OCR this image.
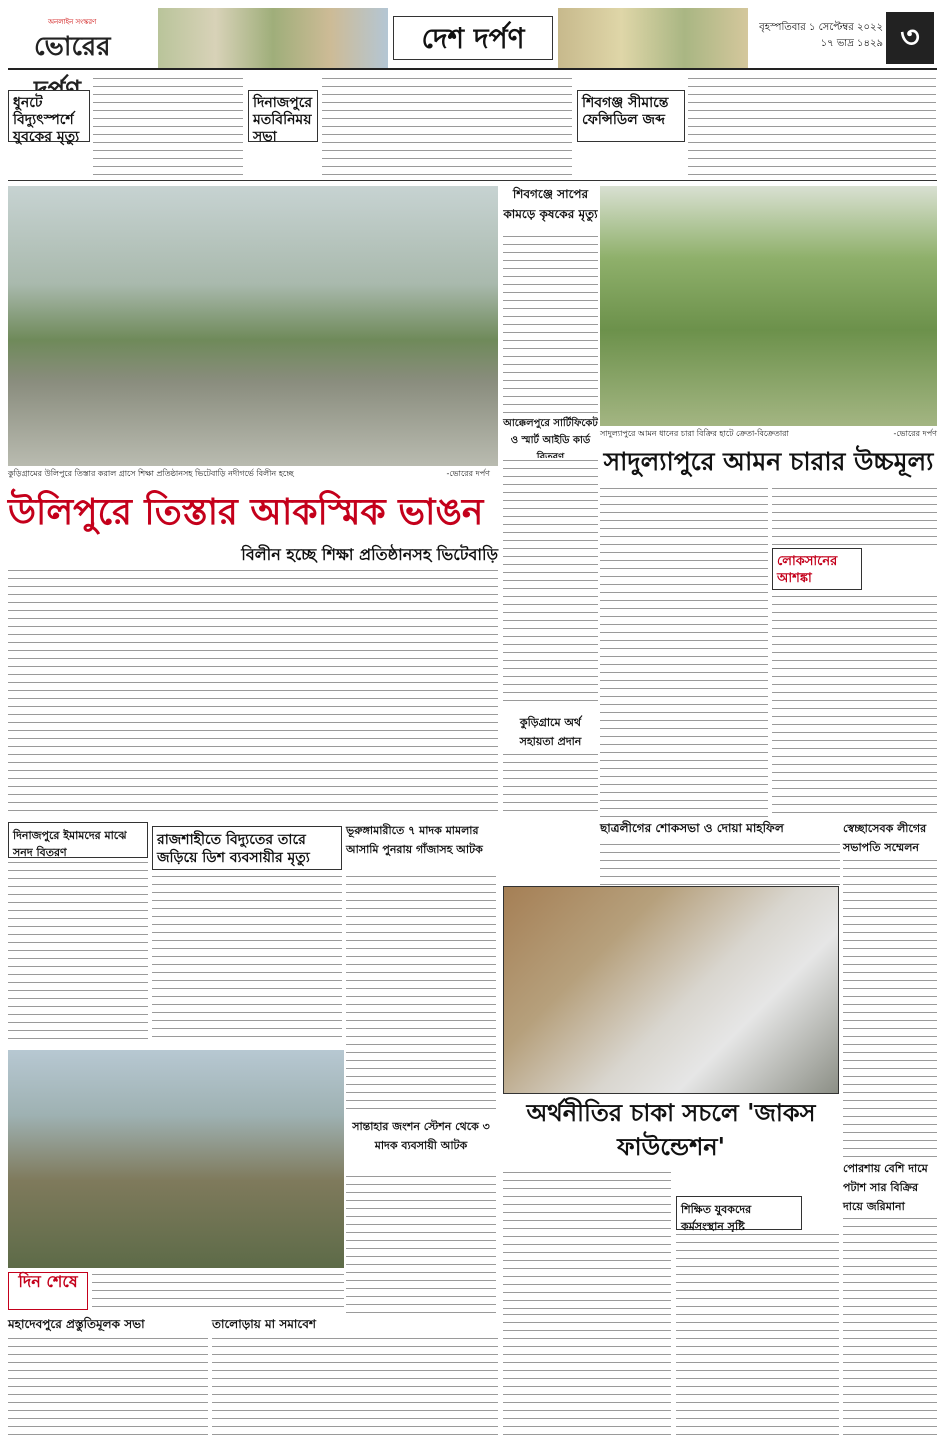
অনলাইন সংস্করণ
ভোরের	দেশ দর্পণ	বৃহস্পতিবার ১ সেপ্টেম্বর ২০২২
১৭ ভাদ্র ১৪২৯ ৩
ধুনটে বিদ্যুৎস্পর্শে যুবকের মৃত্যু
দিনাজপুরে মতবিনিময় সভা
শিবগঞ্জ সীমান্তে ফেন্সিডিল জব্দ
কুড়িগ্রামের উলিপুরে তিস্তার করাল গ্রাসে শিক্ষা প্রতিষ্ঠানসহ ভিটেবাড়ি নদীগর্ভে বিলীন হচ্ছে	-ভোরের দর্পণ
শিবগঞ্জে সাপের কামড়ে কৃষকের মৃত্যু
আক্কেলপুরে সার্টিফিকেট ও স্মার্ট আইডি কার্ড বিতরণ
সাদুল্যাপুরে আমন ধানের চারা বিক্রির হাটে ক্রেতা-বিক্রেতারা	-ভোরের দর্পণ
সাদুল্যাপুরে আমন চারার উচ্চমূল্য
উলিপুরে তিস্তার আকস্মিক ভাঙন
বিলীন হচ্ছে শিক্ষা প্রতিষ্ঠানসহ ভিটেবাড়ি
কুড়িগ্রামে অর্থ সহায়তা প্রদান
লোকসানের আশঙ্কা
ছাত্রলীগের শোকসভা ও দোয়া মাহফিল	স্বেচ্ছাসেবক লীগের সভাপতি সম্মেলন
দিনাজপুরে ইমামদের মাঝে সনদ বিতরণ
রাজশাহীতে বিদ্যুতের তারে জড়িয়ে ডিশ ব্যবসায়ীর মৃত্যু
ভূরুঙ্গামারীতে ৭ মাদক মামলার আসামি পুনরায় গাঁজাসহ আটক
দিন শেষে
সান্তাহার জংশন স্টেশন থেকে ৩ মাদক ব্যবসায়ী আটক
অর্থনীতির চাকা সচলে 'জাকস ফাউন্ডেশন'
শিক্ষিত যুবকদের কর্মসংস্থান সৃষ্টি
পোরশায় বেশি দামে পটাশ সার বিক্রির দায়ে জরিমানা
মহাদেবপুরে প্রস্তুতিমূলক সভা	তালোড়ায় মা সমাবেশ
